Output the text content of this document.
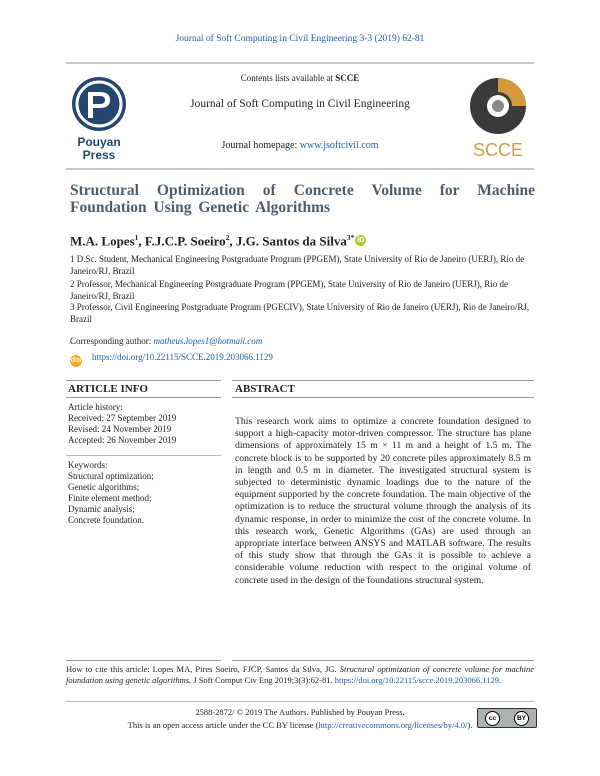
Journal of Soft Computing in Civil Engineering 3-3 (2019) 62-81
Pouyan
Press
Contents lists available at SCCE
Journal of Soft Computing in Civil Engineering
Journal homepage: www.jsoftcivil.com	SCCE
Structural Optimization of Concrete Volume for Machine Foundation Using Genetic Algorithms
M.A. Lopes$^1$, F.J.C.P. Soeiro$^2$, J.G. Santos da Silva$^{3*}$ iD
1 D.Sc. Student, Mechanical Engineering Postgraduate Program (PPGEM), State University of Rio de Janeiro (UERJ), Rio de Janeiro/RJ, Brazil
2 Professor, Mechanical Engineering Postgraduate Program (PPGEM), State University of Rio de Janeiro (UERJ), Rio de Janeiro/RJ, Brazil
3 Professor, Civil Engineering Postgraduate Program (PGECIV), State University of Rio de Janeiro (UERJ), Rio de Janeiro/RJ, Brazil
Corresponding author: matheus.lopes1@hotmail.com
doi https://doi.org/10.22115/SCCE.2019.203066.1129
ARTICLE INFO	ABSTRACT
Article history:
Received: 27 September 2019
Revised: 24 November 2019
Accepted: 26 November 2019
Keywords:
Structural optimization;
Genetic algorithms;
Finite element method;
Dynamic analysis;
Concrete foundation.
This research work aims to optimize a concrete foundation designed to support a high-capacity motor-driven compressor. The structure has plane dimensions of approximately 15 m × 11 m and a height of 1.5 m. The concrete block is to be supported by 20 concrete piles approximately 8.5 m in length and 0.5 m in diameter. The investigated structural system is subjected to deterministic dynamic loadings due to the nature of the equipment supported by the concrete foundation. The main objective of the optimization is to reduce the structural volume through the analysis of its dynamic response, in order to minimize the cost of the concrete volume. In this research work, Genetic Algorithms (GAs) are used through an appropriate interface between ANSYS and MATLAB software. The results of this study show that through the GAs it is possible to achieve a considerable volume reduction with respect to the original volume of concrete used in the design of the foundations structural system.
How to cite this article: Lopes MA, Pires Soeiro, FJCP, Santos da Silva, JG. Structural optimization of concrete volume for machine foundation using genetic algorithms. J Soft Comput Civ Eng 2019;3(3):62-81. https://doi.org/10.22115/scce.2019.203066.1129.
2588-2872/ © 2019 The Authors. Published by Pouyan Press.
This is an open access article under the CC BY license (http://creativecommons.org/licenses/by/4.0/).
cc	BY
